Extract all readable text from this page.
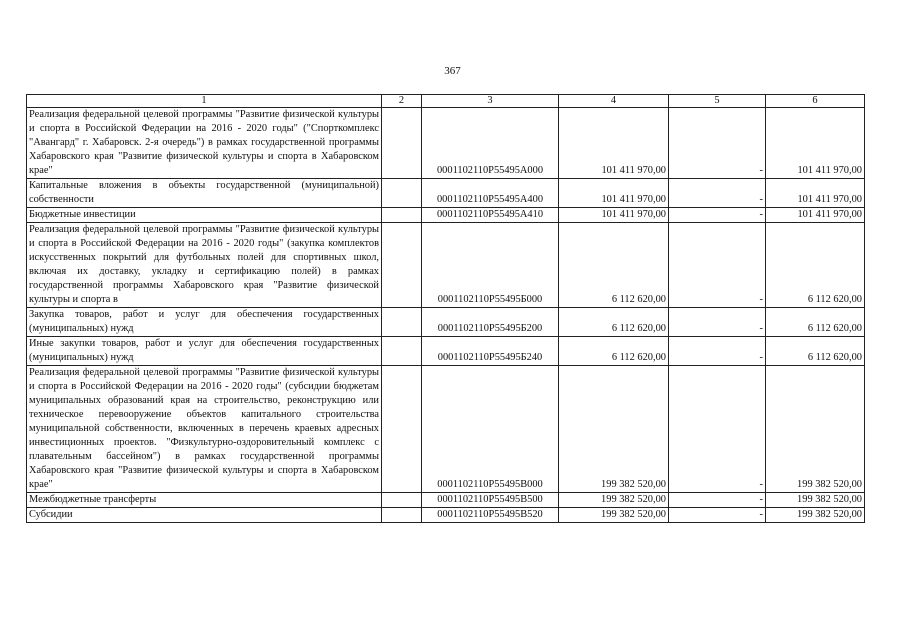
367
1	2	3	4	5	6
Реализация федеральной целевой программы "Развитие физической культуры и спорта в Российской Федерации на 2016 - 2020 годы" ("Спорткомплекс "Авангард" г. Хабаровск. 2-я очередь") в рамках государственной программы Хабаровского края "Развитие физической культуры и спорта в Хабаровском крае"		0001102110P55495А000	101 411 970,00	-	101 411 970,00
Капитальные вложения в объекты государственной (муниципальной) собственности		0001102110P55495А400	101 411 970,00	-	101 411 970,00
Бюджетные инвестиции		0001102110P55495А410	101 411 970,00	-	101 411 970,00
Реализация федеральной целевой программы "Развитие физической культуры и спорта в Российской Федерации на 2016 - 2020 годы" (закупка комплектов искусственных покрытий для футбольных полей для спортивных школ, включая их доставку, укладку и сертификацию полей) в рамках государственной программы Хабаровского края "Развитие физической культуры и спорта в		0001102110P55495Б000	6 112 620,00	-	6 112 620,00
Закупка товаров, работ и услуг для обеспечения государственных (муниципальных) нужд		0001102110P55495Б200	6 112 620,00	-	6 112 620,00
Иные закупки товаров, работ и услуг для обеспечения государственных (муниципальных) нужд		0001102110P55495Б240	6 112 620,00	-	6 112 620,00
Реализация федеральной целевой программы "Развитие физической культуры и спорта в Российской Федерации на 2016 - 2020 годы" (субсидии бюджетам муниципальных образований края на строительство, реконструкцию или техническое перевооружение объектов капитального строительства муниципальной собственности, включенных в перечень краевых адресных инвестиционных проектов. "Физкультурно-оздоровительный комплекс с плавательным бассейном") в рамках государственной программы Хабаровского края "Развитие физической культуры и спорта в Хабаровском крае"		0001102110P55495В000	199 382 520,00	-	199 382 520,00
Межбюджетные трансферты		0001102110P55495В500	199 382 520,00	-	199 382 520,00
Субсидии		0001102110P55495В520	199 382 520,00	-	199 382 520,00
